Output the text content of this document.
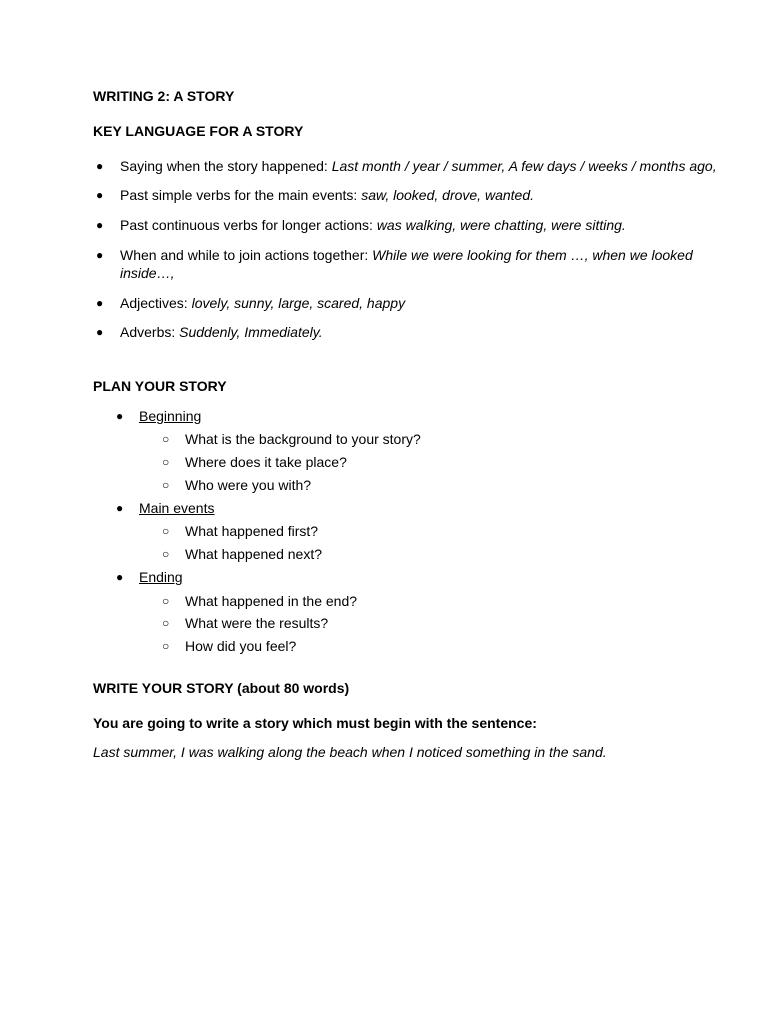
WRITING 2: A STORY
KEY LANGUAGE FOR A STORY
● Saying when the story happened: Last month / year / summer, A few days / weeks / months ago,
● Past simple verbs for the main events: saw, looked, drove, wanted.
● Past continuous verbs for longer actions: was walking, were chatting, were sitting.
● When and while to join actions together: While we were looking for them …, when we looked inside…,
● Adjectives: lovely, sunny, large, scared, happy
● Adverbs: Suddenly, Immediately.
PLAN YOUR STORY
● Beginning
○ What is the background to your story?
○ Where does it take place?
○ Who were you with?
● Main events
○ What happened first?
○ What happened next?
● Ending
○ What happened in the end?
○ What were the results?
○ How did you feel?
WRITE YOUR STORY (about 80 words)
You are going to write a story which must begin with the sentence:
Last summer, I was walking along the beach when I noticed something in the sand.
